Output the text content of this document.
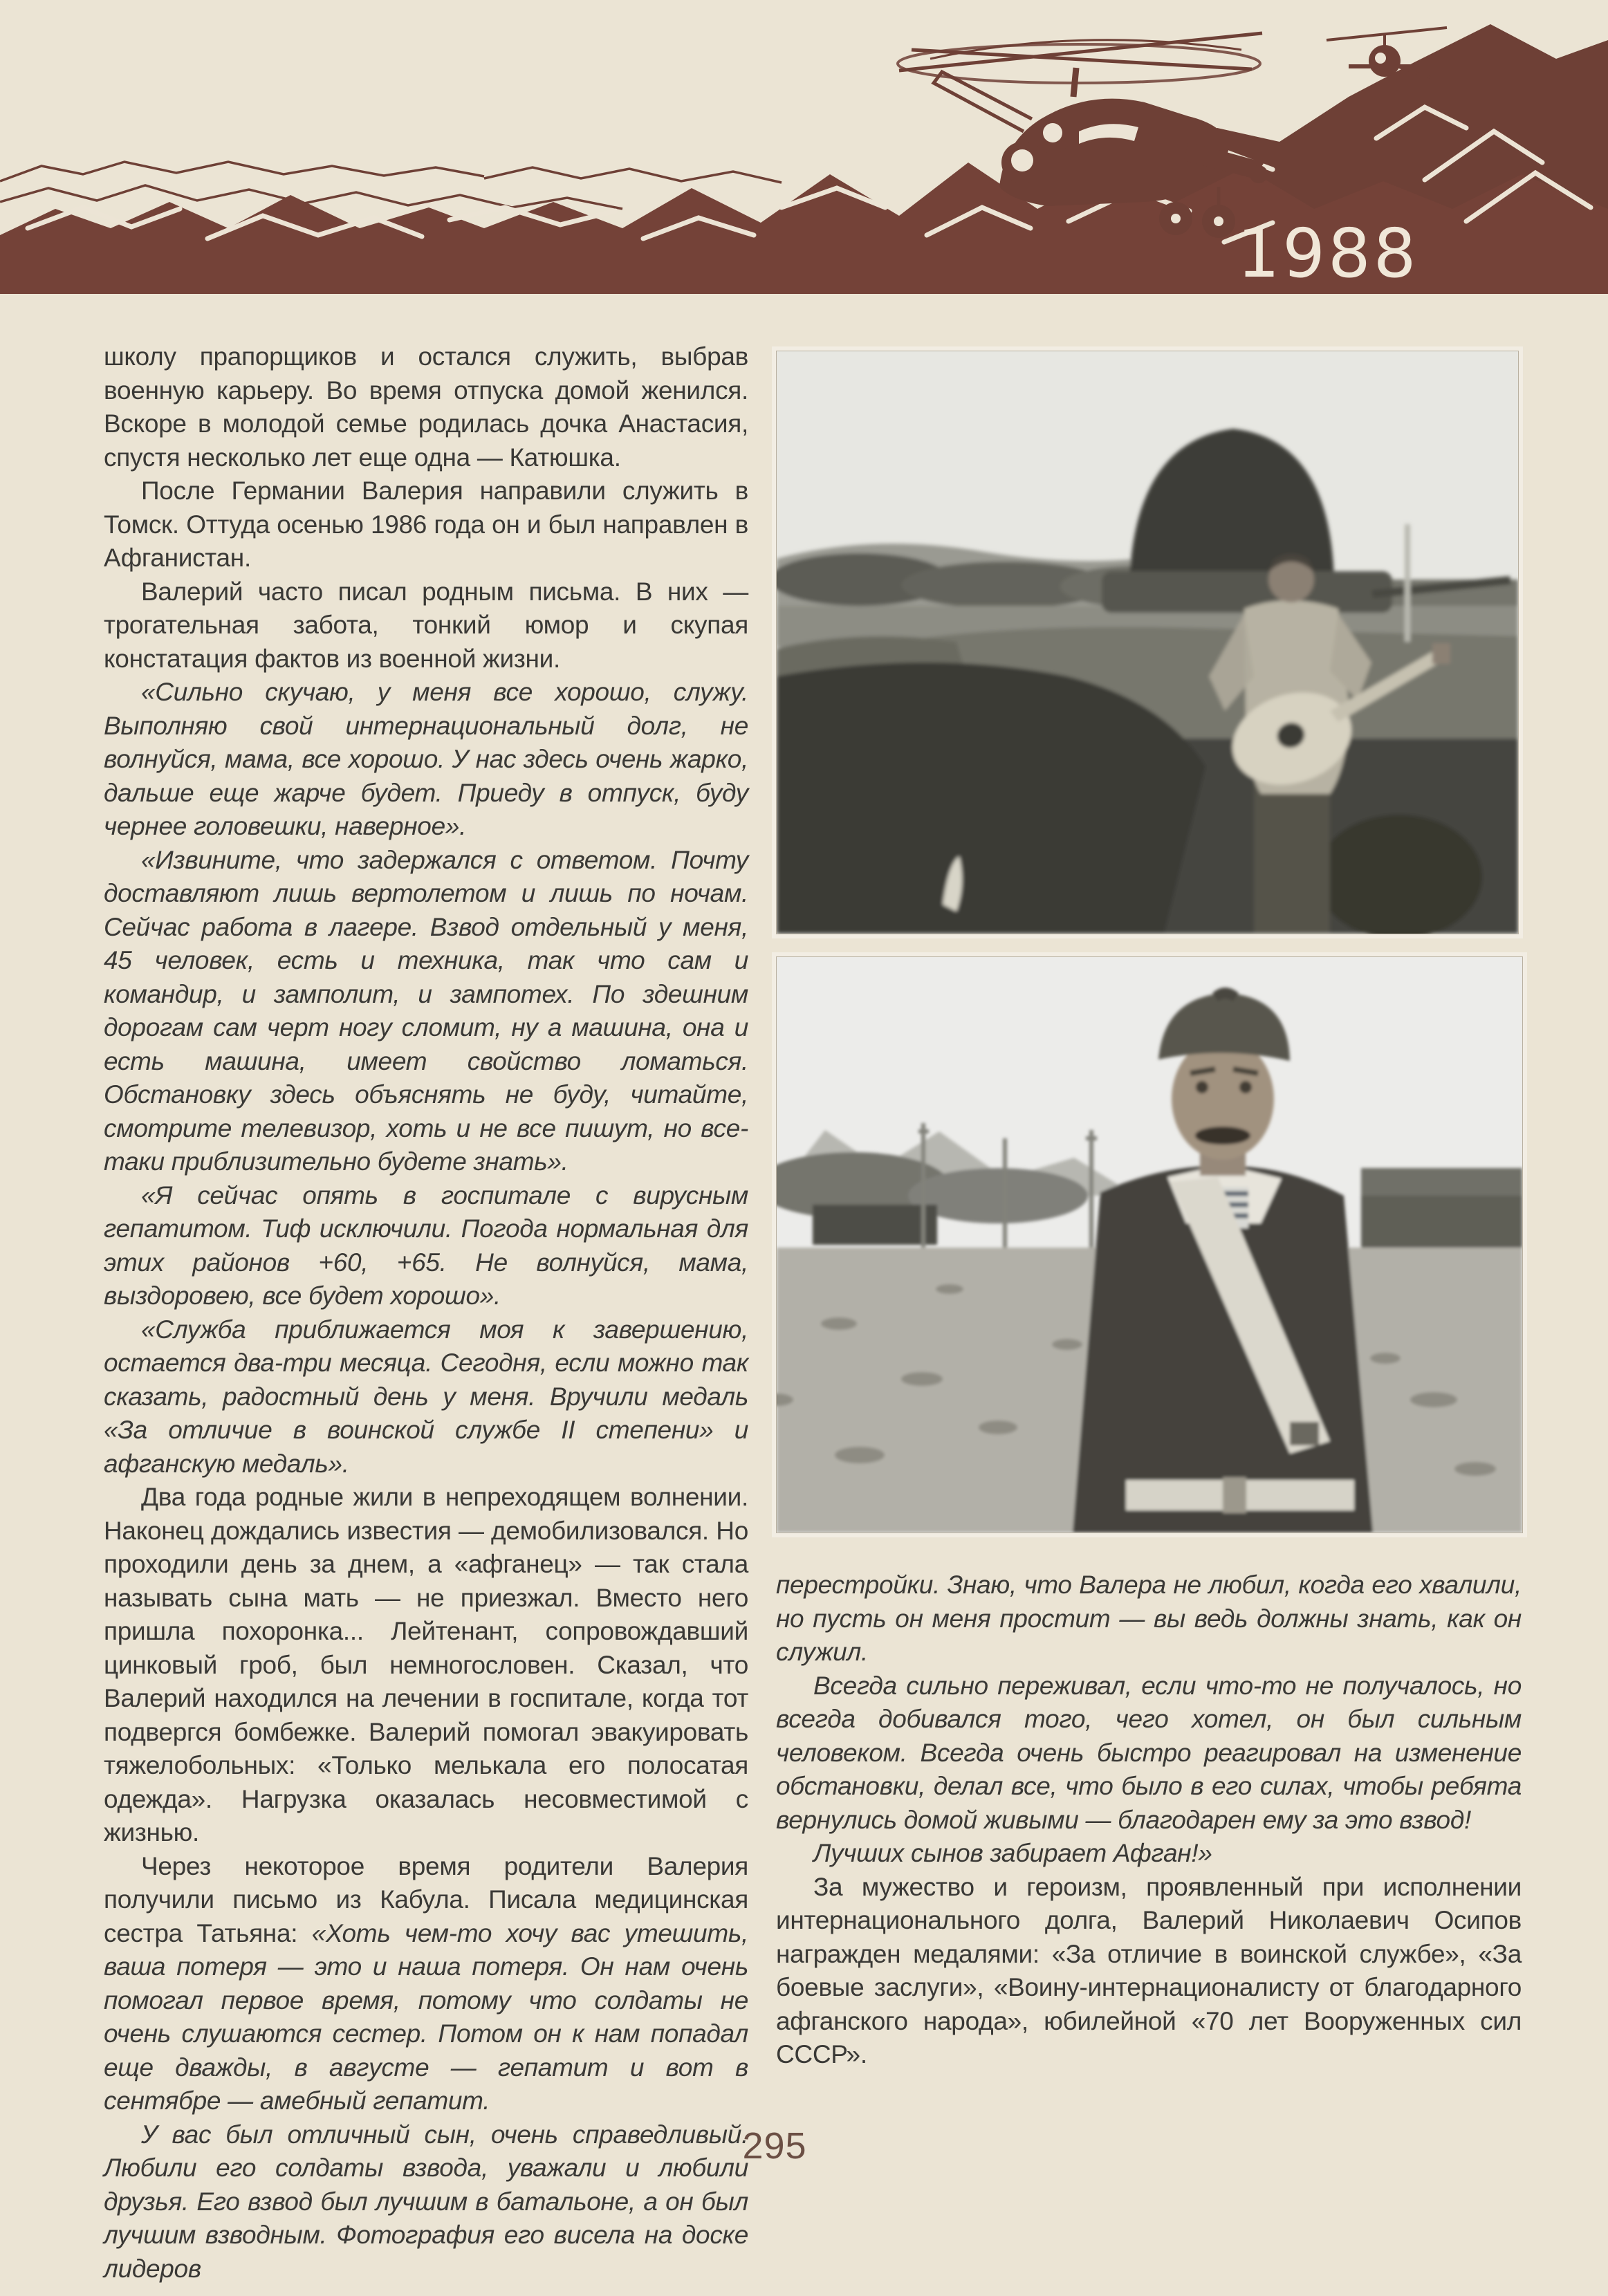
1988

школу прапорщиков и остался служить, выбрав военную карьеру. Во время отпуска домой женился. Вскоре в молодой семье родилась дочка Анастасия, спустя несколько лет еще одна — Катюшка.

После Германии Валерия направили служить в Томск. Оттуда осенью 1986 года он и был направлен в Афганистан.

Валерий часто писал родным письма. В них — трогательная забота, тонкий юмор и скупая констатация фактов из военной жизни.

«Сильно скучаю, у меня все хорошо, служу. Выполняю свой интернациональный долг, не волнуйся, мама, все хорошо. У нас здесь очень жарко, дальше еще жарче будет. Приеду в отпуск, буду чернее головешки, наверное».

«Извините, что задержался с ответом. Почту доставляют лишь вертолетом и лишь по ночам. Сейчас работа в лагере. Взвод отдельный у меня, 45 человек, есть и техника, так что сам и командир, и замполит, и зампотех. По здешним дорогам сам черт ногу сломит, ну а машина, она и есть машина, имеет свойство ломаться. Обстановку здесь объяснять не буду, читайте, смотрите телевизор, хоть и не все пишут, но все-таки приблизительно будете знать».

«Я сейчас опять в госпитале с вирусным гепатитом. Тиф исключили. Погода нормальная для этих районов +60, +65. Не волнуйся, мама, выздоровею, все будет хорошо».

«Служба приближается моя к завершению, остается два-три месяца. Сегодня, если можно так сказать, радостный день у меня. Вручили медаль «За отличие в воинской службе II степени» и афганскую медаль».

Два года родные жили в непреходящем волнении. Наконец дождались известия — демобилизовался. Но проходили день за днем, а «афганец» — так стала называть сына мать — не приезжал. Вместо него пришла похоронка... Лейтенант, сопровождавший цинковый гроб, был немногословен. Сказал, что Валерий находился на лечении в госпитале, когда тот подвергся бомбежке. Валерий помогал эвакуировать тяжелобольных: «Только мелькала его полосатая одежда». Нагрузка оказалась несовместимой с жизнью.

Через некоторое время родители Валерия получили письмо из Кабула. Писала медицинская сестра Татьяна: «Хоть чем-то хочу вас утешить, ваша потеря — это и наша потеря. Он нам очень помогал первое время, потому что солдаты не очень слушаются сестер. Потом он к нам попадал еще дважды, в августе — гепатит и вот в сентябре — амебный гепатит.

У вас был отличный сын, очень справедливый. Любили его солдаты взвода, уважали и любили друзья. Его взвод был лучшим в батальоне, а он был лучшим взводным. Фотография его висела на доске лидеров

перестройки. Знаю, что Валера не любил, когда его хвалили, но пусть он меня простит — вы ведь должны знать, как он служил.

Всегда сильно переживал, если что-то не получалось, но всегда добивался того, чего хотел, он был сильным человеком. Всегда очень быстро реагировал на изменение обстановки, делал все, что было в его силах, чтобы ребята вернулись домой живыми — благодарен ему за это взвод!

Лучших сынов забирает Афган!»

За мужество и героизм, проявленный при исполнении интернационального долга, Валерий Николаевич Осипов награжден медалями: «За отличие в воинской службе», «За боевые заслуги», «Воину-интернационалисту от благодарного афганского народа», юбилейной «70 лет Вооруженных сил СССР».

295
